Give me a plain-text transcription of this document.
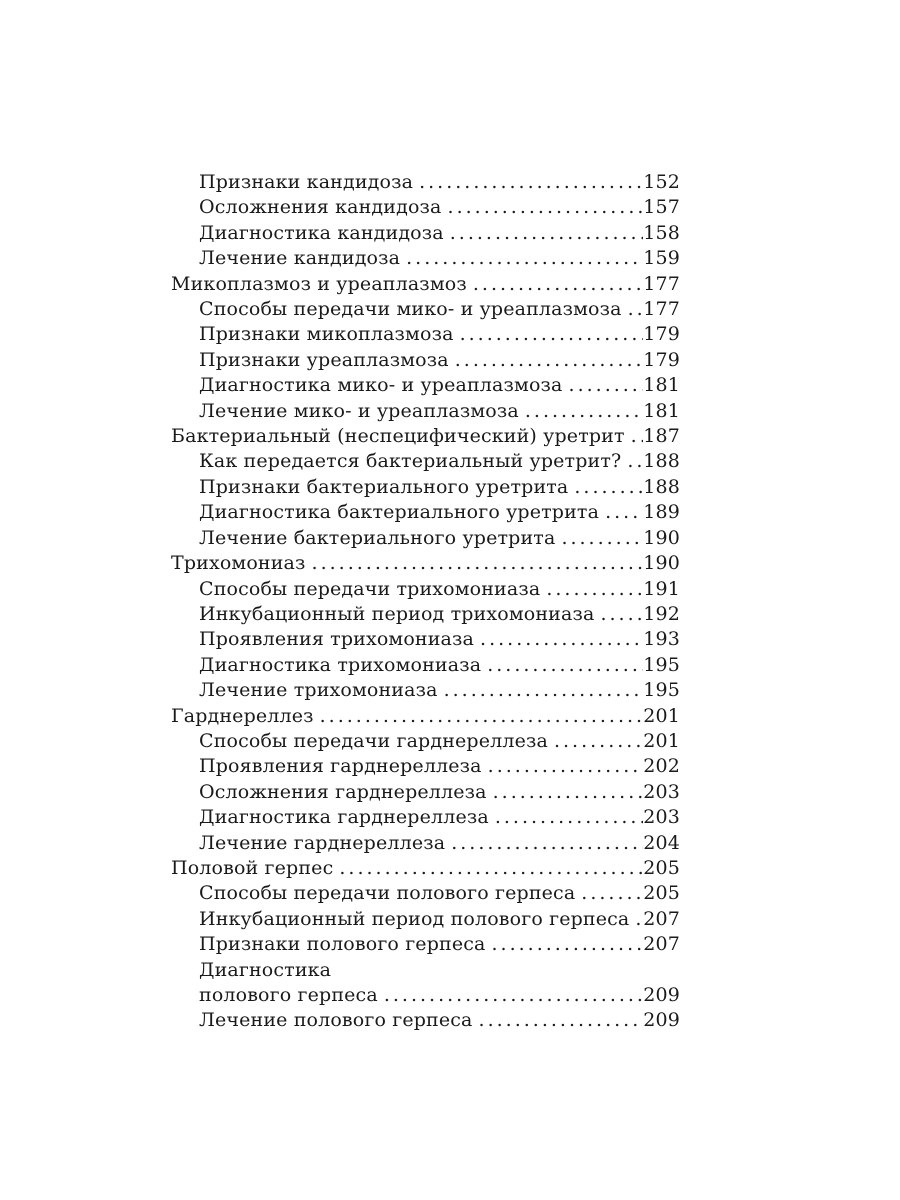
Признаки кандидоза .....	152
Осложнения кандидоза .....	157
Диагностика кандидоза .....	158
Лечение кандидоза .....	159
Микоплазмоз и уреаплазмоз .....	177
Способы передачи мико- и уреаплазмоза .....	177
Признаки микоплазмоза .....	179
Признаки уреаплазмоза .....	179
Диагностика мико- и уреаплазмоза .....	181
Лечение мико- и уреаплазмоза .....	181
Бактериальный (неспецифический) уретрит ..... 187
Как передается бактериальный уретрит? .....	188
Признаки бактериального уретрита .....	188
Диагностика бактериального уретрита .....	189
Лечение бактериального уретрита .....	190
Трихомониаз .....	190
Способы передачи трихомониаза .....	191
Инкубационный период трихомониаза .....	192
Проявления трихомониаза .....	193
Диагностика трихомониаза .....	195
Лечение трихомониаза .....	195
Гарднереллез .....	201
Способы передачи гарднереллеза .....	201
Проявления гарднереллеза .....	202
Осложнения гарднереллеза .....	203
Диагностика гарднереллеза .....	203
Лечение гарднереллеза .....	204
Половой герпес .....	205
Способы передачи полового герпеса .....	205
Инкубационный период полового герпеса ..... 207
Признаки полового герпеса .....	207
Диагностика
полового герпеса .....	209
Лечение полового герпеса .....	209
